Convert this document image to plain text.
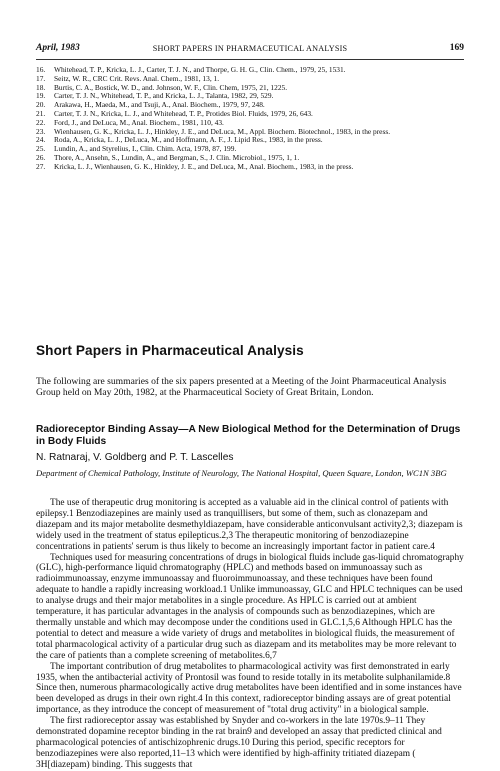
April, 1983	SHORT PAPERS IN PHARMACEUTICAL ANALYSIS	169
16.	Whitehead, T. P., Kricka, L. J., Carter, T. J. N., and Thorpe, G. H. G., Clin. Chem., 1979, 25, 1531.
17.	Seitz, W. R., CRC Crit. Revs. Anal. Chem., 1981, 13, 1.
18.	Burtis, C. A., Bostick, W. D., and. Johnson, W. F., Clin. Chem, 1975, 21, 1225.
19.	Carter, T. J. N., Whitehead, T. P., and Kricka, L. J., Talanta, 1982, 29, 529.
20.	Arakawa, H., Maeda, M., and Tsuji, A., Anal. Biochem., 1979, 97, 248.
21.	Carter, T. J. N., Kricka, L. J., and Whitehead, T. P., Protides Biol. Fluids, 1979, 26, 643.
22.	Ford, J., and DeLuca, M., Anal. Biochem., 1981, 110, 43.
23.	Wienhausen, G. K., Kricka, L. J., Hinkley, J. E., and DeLuca, M., Appl. Biochem. Biotechnol., 1983, in the press.
24.	Roda, A., Kricka, L. J., DeLuca, M., and Hoffmann, A. F., J. Lipid Res., 1983, in the press.
25.	Lundin, A., and Styrelius, I., Clin. Chim. Acta, 1978, 87, 199.
26.	Thore, A., Ansehn, S., Lundin, A., and Bergman, S., J. Clin. Microbiol., 1975, 1, 1.
27.	Kricka, L. J., Wienhausen, G. K., Hinkley, J. E., and DeLuca, M., Anal. Biochem., 1983, in the press.
Short Papers in Pharmaceutical Analysis
The following are summaries of the six papers presented at a Meeting of the Joint Pharmaceutical Analysis Group held on May 20th, 1982, at the Pharmaceutical Society of Great Britain, London.
Radioreceptor Binding Assay—A New Biological Method for the Determination of Drugs in Body Fluids
N. Ratnaraj, V. Goldberg and P. T. Lascelles
Department of Chemical Pathology, Institute of Neurology, The National Hospital, Queen Square, London, WC1N 3BG

The use of therapeutic drug monitoring is accepted as a valuable aid in the clinical control of patients with epilepsy.1 Benzodiazepines are mainly used as tranquillisers, but some of them, such as clonazepam and diazepam and its major metabolite desmethyldiazepam, have considerable anticonvulsant activity2,3; diazepam is widely used in the treatment of status epilepticus.2,3 The therapeutic monitoring of benzodiazepine concentrations in patients' serum is thus likely to become an increasingly important factor in patient care.4

Techniques used for measuring concentrations of drugs in biological fluids include gas-liquid chromatography (GLC), high-performance liquid chromatography (HPLC) and methods based on immunoassay such as radioimmunoassay, enzyme immunoassay and fluoroimmunoassay, and these techniques have been found adequate to handle a rapidly increasing workload.1 Unlike immunoassay, GLC and HPLC techniques can be used to analyse drugs and their major metabolites in a single procedure. As HPLC is carried out at ambient temperature, it has particular advantages in the analysis of compounds such as benzodiazepines, which are thermally unstable and which may decompose under the conditions used in GLC.1,5,6 Although HPLC has the potential to detect and measure a wide variety of drugs and metabolites in biological fluids, the measurement of total pharmacological activity of a particular drug such as diazepam and its metabolites may be more relevant to the care of patients than a complete screening of metabolites.6,7

The important contribution of drug metabolites to pharmacological activity was first demonstrated in early 1935, when the antibacterial activity of Prontosil was found to reside totally in its metabolite sulphanilamide.8 Since then, numerous pharmacologically active drug metabolites have been identified and in some instances have been developed as drugs in their own right.4 In this context, radioreceptor binding assays are of great potential importance, as they introduce the concept of measurement of "total drug activity" in a biological sample.

The first radioreceptor assay was established by Snyder and co-workers in the late 1970s.9–11 They demonstrated dopamine receptor binding in the rat brain9 and developed an assay that predicted clinical and pharmacological potencies of antischizophrenic drugs.10 During this period, specific receptors for benzodiazepines were also reported,11–13 which were identified by high-affinity tritiated diazepam ( 3H[diazepam) binding. This suggests that
